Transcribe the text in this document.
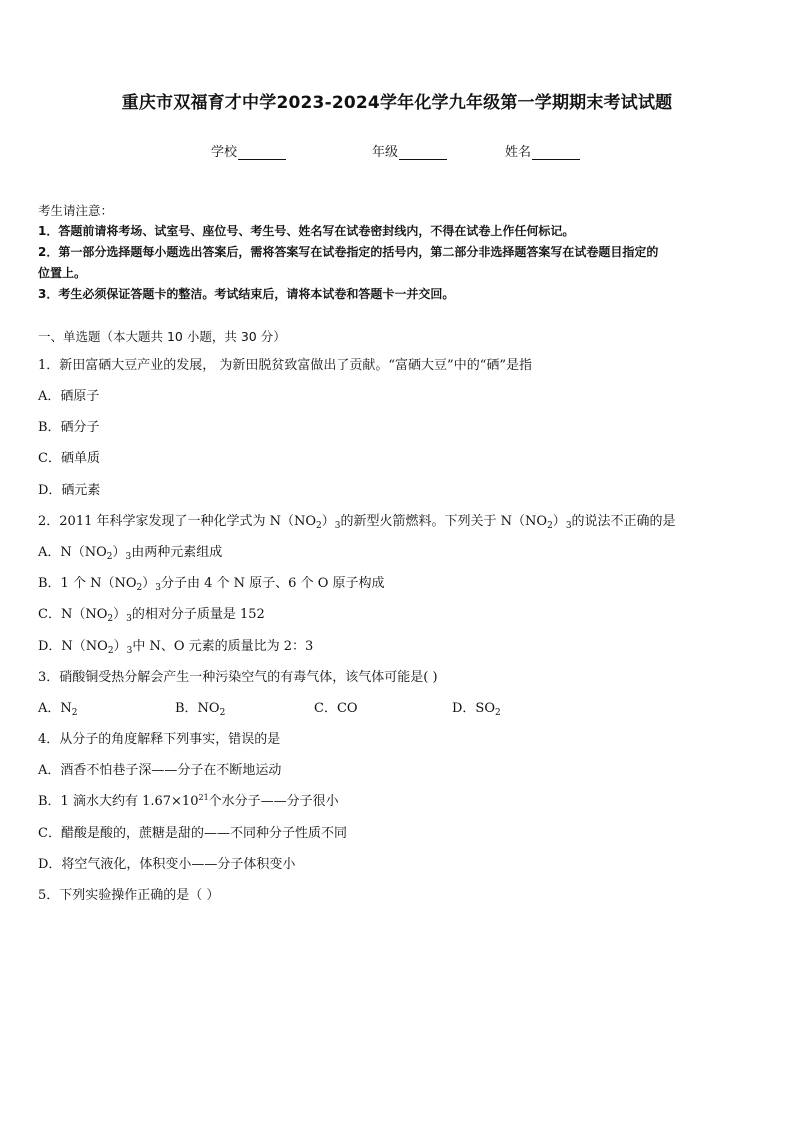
重庆市双福育才中学2023-2024学年化学九年级第一学期期末考试试题
学校	年级	姓名
考生请注意：
1．答题前请将考场、试室号、座位号、考生号、姓名写在试卷密封线内，不得在试卷上作任何标记。
2．第一部分选择题每小题选出答案后，需将答案写在试卷指定的括号内，第二部分非选择题答案写在试卷题目指定的
位置上。
3．考生必须保证答题卡的整洁。考试结束后，请将本试卷和答题卡一并交回。
一、单选题（本大题共 10 小题，共 30 分）
1．新田富硒大豆产业的发展， 为新田脱贫致富做出了贡献。“富硒大豆”中的“硒”是指
A．硒原子
B．硒分子
C．硒单质
D．硒元素
2．2011 年科学家发现了一种化学式为 $N(NO_2)_3$的新型火箭燃料。下列关于 $N(NO_2)_3$的说法不正确的是
A．$N(NO_2)_3$由两种元素组成
B．1 个 $N(NO_2)_3$分子由 4 个 N 原子、6 个 O 原子构成
C．$N(NO_2)_3$的相对分子质量是 152
D．$N(NO_2)_3$中 N、O 元素的质量比为 2：3
3．硝酸铜受热分解会产生一种污染空气的有毒气体，该气体可能是( )
A．$N_2$	B．$NO_2$	C．CO	D．$SO_2$
4．从分子的角度解释下列事实，错误的是
A．酒香不怕巷子深——分子在不断地运动
B．1 滴水大约有 $1.67\times 10^{21}$个水分子——分子很小
C．醋酸是酸的，蔗糖是甜的——不同种分子性质不同
D．将空气液化，体积变小——分子体积变小
5．下列实验操作正确的是（ ）
